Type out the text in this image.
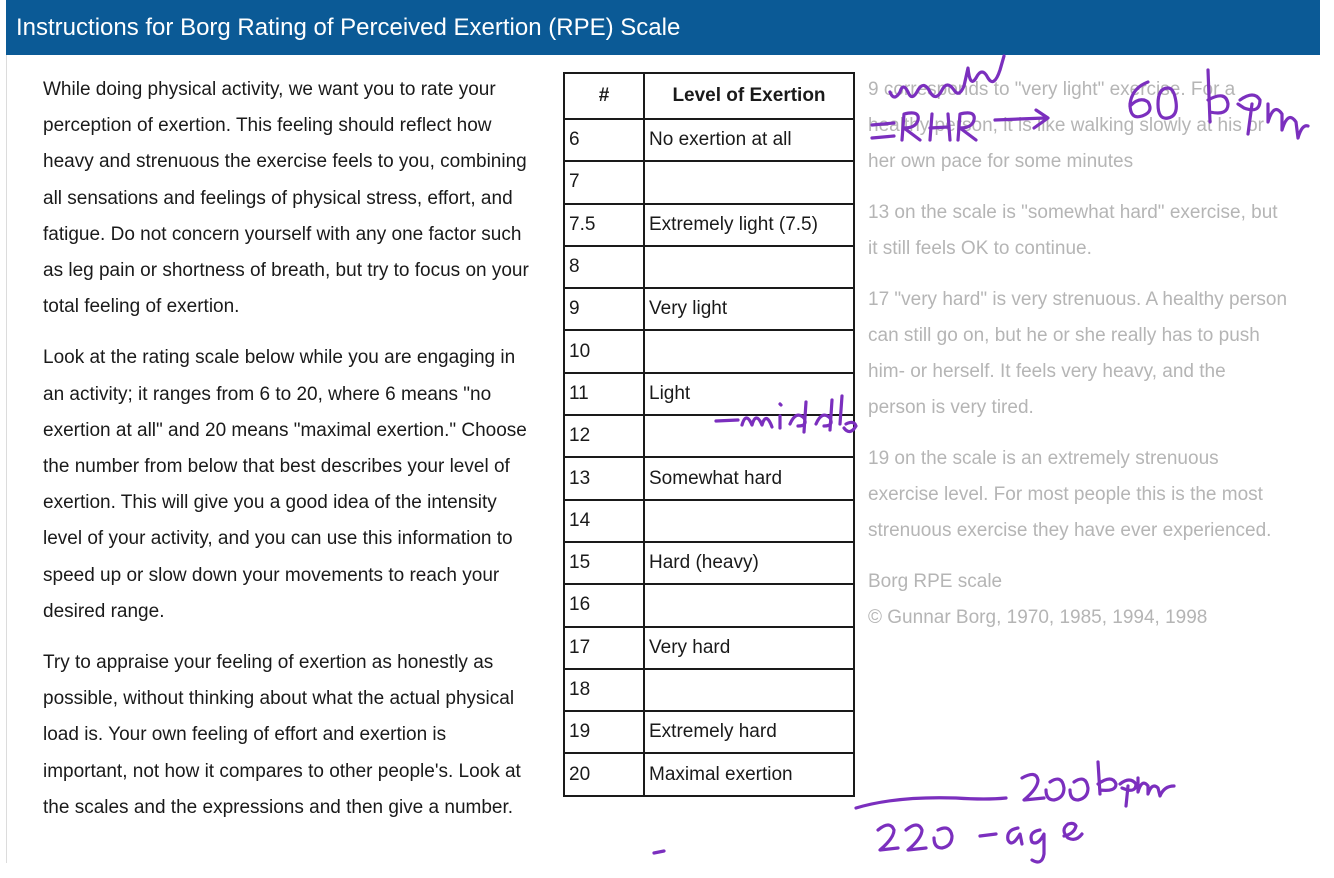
Instructions for Borg Rating of Perceived Exertion (RPE) Scale

While doing physical activity, we want you to rate your perception of exertion. This feeling should reflect how heavy and strenuous the exercise feels to you, combining all sensations and feelings of physical stress, effort, and fatigue. Do not concern yourself with any one factor such as leg pain or shortness of breath, but try to focus on your total feeling of exertion.

Look at the rating scale below while you are engaging in an activity; it ranges from 6 to 20, where 6 means "no exertion at all" and 20 means "maximal exertion." Choose the number from below that best describes your level of exertion. This will give you a good idea of the intensity level of your activity, and you can use this information to speed up or slow down your movements to reach your desired range.

Try to appraise your feeling of exertion as honestly as possible, without thinking about what the actual physical load is. Your own feeling of effort and exertion is important, not how it compares to other people's. Look at the scales and the expressions and then give a number.

#	Level of Exertion
6	No exertion at all
7	
7.5	Extremely light (7.5)
8	
9	Very light
10	
11	Light
12	
13	Somewhat hard
14	
15	Hard (heavy)
16	
17	Very hard
18	
19	Extremely hard
20	Maximal exertion

9 corresponds to "very light" exercise. For a healthy person, it is like walking slowly at his or her own pace for some minutes

13 on the scale is "somewhat hard" exercise, but it still feels OK to continue.

17 "very hard" is very strenuous. A healthy person can still go on, but he or she really has to push him- or herself. It feels very heavy, and the person is very tired.

19 on the scale is an extremely strenuous exercise level. For most people this is the most strenuous exercise they have ever experienced.

Borg RPE scale
© Gunnar Borg, 1970, 1985, 1994, 1998
